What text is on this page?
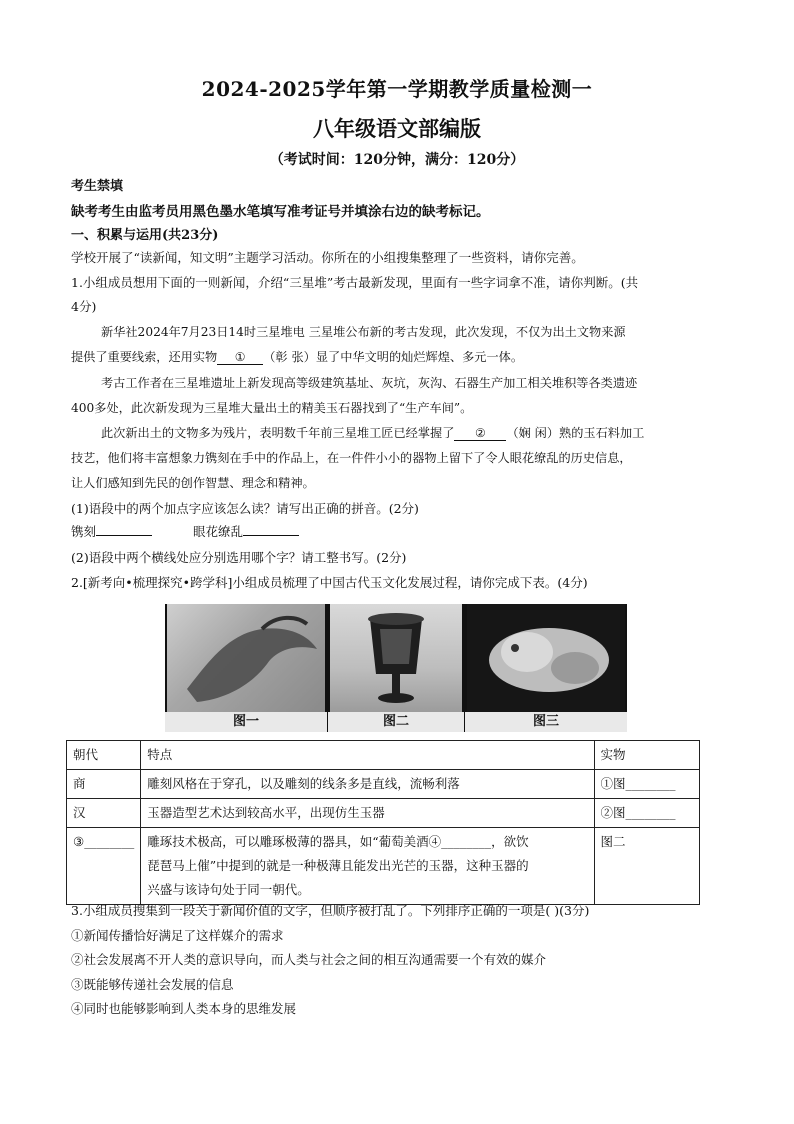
2024-2025学年第一学期教学质量检测一
八年级语文部编版
（考试时间：120分钟，满分：120分）
考生禁填
缺考考生由监考员用黑色墨水笔填写准考证号并填涂右边的缺考标记。
一、积累与运用(共23分)
学校开展了“读新闻，知文明”主题学习活动。你所在的小组搜集整理了一些资料，请你完善。
1.小组成员想用下面的一则新闻，介绍“三星堆”考古最新发现，里面有一些字词拿不准，请你判断。(共
4分)
新华社2024年7月23日14时三星堆电 三星堆公布新的考古发现，此次发现，不仅为出土文物来源
提供了重要线索，还用实物 ① （彰 张）显了中华文明的灿烂辉煌、多元一体。
考古工作者在三星堆遗址上新发现高等级建筑基址、灰坑，灰沟、石器生产加工相关堆积等各类遗迹
400多处，此次新发现为三星堆大量出土的精美玉石器找到了“生产车间”。
此次新出土的文物多为残片，表明数千年前三星堆工匠已经掌握了 ② （娴 闲）熟的玉石料加工
技艺，他们将丰富想象力镌刻在手中的作品上，在一件件小小的器物上留下了令人眼花缭乱的历史信息，
让人们感知到先民的创作智慧、理念和精神。
(1)语段中的两个加点字应该怎么读？请写出正确的拼音。(2分)
镌刻	眼花缭乱
(2)语段中两个横线处应分别选用哪个字？请工整书写。(2分)
2.[新考向•梳理探究•跨学科]小组成员梳理了中国古代玉文化发展过程，请你完成下表。(4分)
图一	图二	图三
朝代	特点	实物
商	雕刻风格在于穿孔，以及雕刻的线条多是直线，流畅利落	①图________
汉	玉器造型艺术达到较高水平，出现仿生玉器	②图________
③________	雕琢技术极高，可以雕琢极薄的器具，如“葡萄美酒④________，欲饮
琵琶马上催”中提到的就是一种极薄且能发出光芒的玉器，这种玉器的
兴盛与该诗句处于同一朝代。	图二
3.小组成员搜集到一段关于新闻价值的文字，但顺序被打乱了。下列排序正确的一项是( )(3分)
①新闻传播恰好满足了这样媒介的需求
②社会发展离不开人类的意识导向，而人类与社会之间的相互沟通需要一个有效的媒介
③既能够传递社会发展的信息
④同时也能够影响到人类本身的思维发展
